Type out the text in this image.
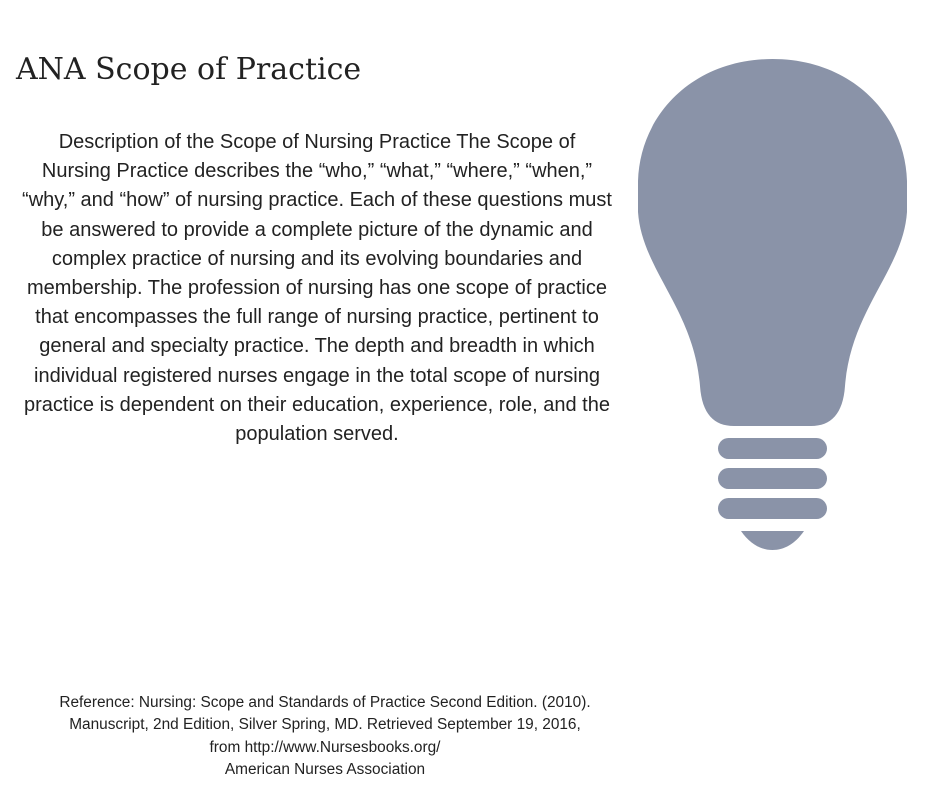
ANA Scope of Practice

Description of the Scope of Nursing Practice The Scope of Nursing Practice describes the “who,” “what,” “where,” “when,” “why,” and “how” of nursing practice. Each of these questions must be answered to provide a complete picture of the dynamic and complex practice of nursing and its evolving boundaries and membership. The profession of nursing has one scope of practice that encompasses the full range of nursing practice, pertinent to general and specialty practice. The depth and breadth in which individual registered nurses engage in the total scope of nursing practice is dependent on their education, experience, role, and the population served.

Reference: Nursing: Scope and Standards of Practice Second Edition. (2010).
Manuscript, 2nd Edition, Silver Spring, MD. Retrieved September 19, 2016,
from http://www.Nursesbooks.org/
American Nurses Association
